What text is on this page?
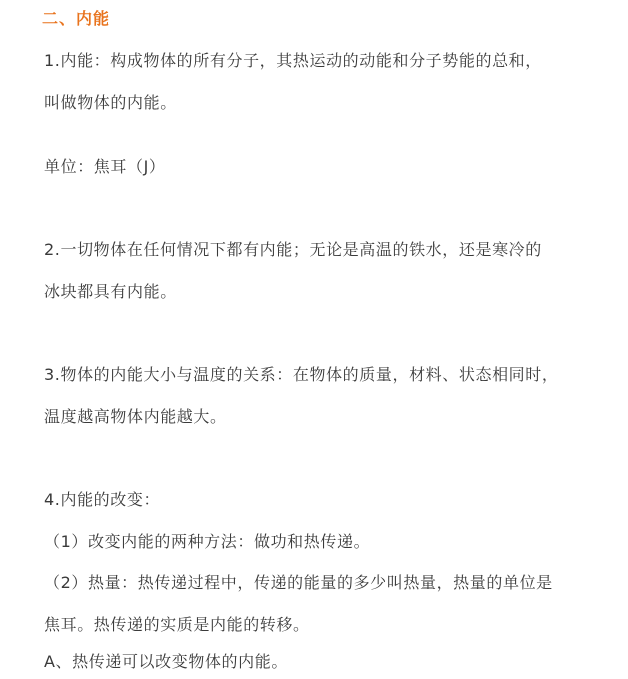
二、内能
1.内能：构成物体的所有分子，其热运动的动能和分子势能的总和，
叫做物体的内能。
单位：焦耳（J）
2.一切物体在任何情况下都有内能；无论是高温的铁水，还是寒冷的
冰块都具有内能。
3.物体的内能大小与温度的关系：在物体的质量，材料、状态相同时，
温度越高物体内能越大。
4.内能的改变：
（1）改变内能的两种方法：做功和热传递。
（2）热量：热传递过程中，传递的能量的多少叫热量，热量的单位是
焦耳。热传递的实质是内能的转移。
A、热传递可以改变物体的内能。
